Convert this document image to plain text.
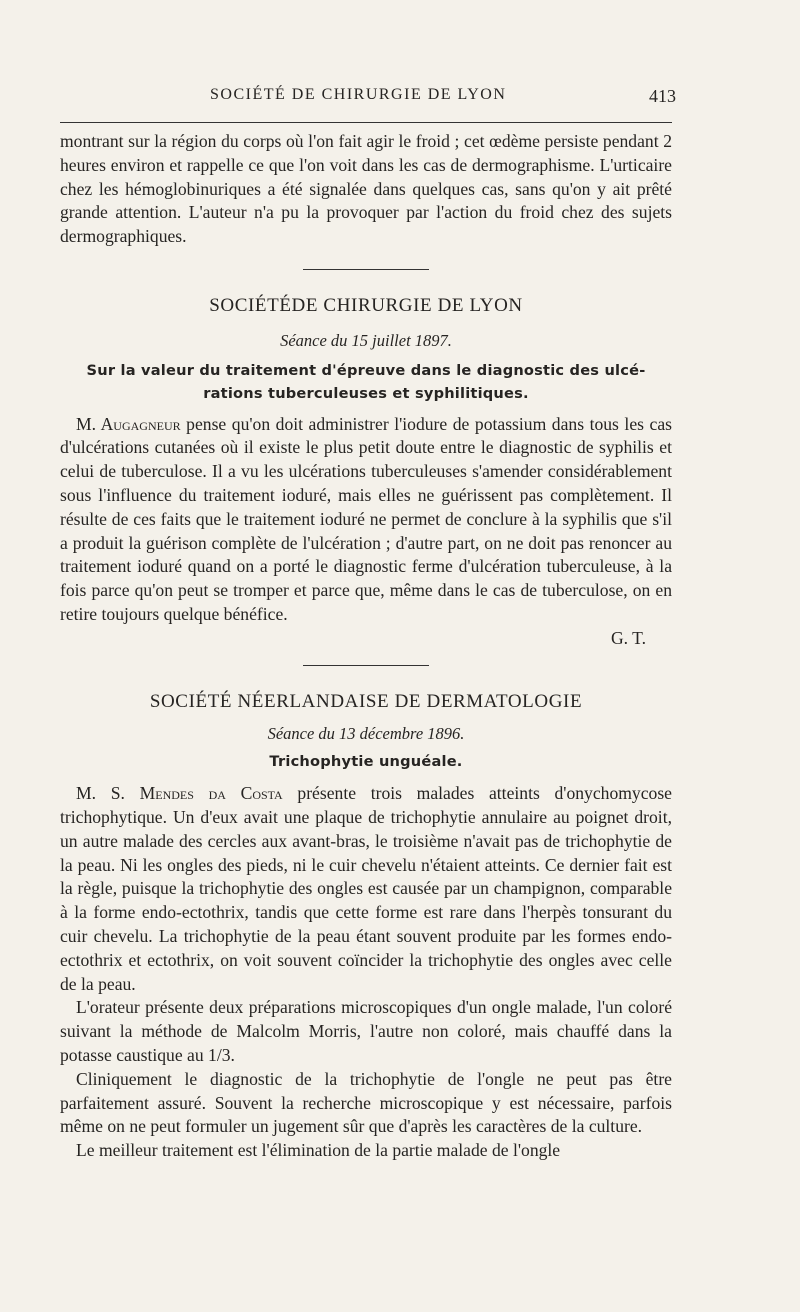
SOCIÉTÉ DE CHIRURGIE DE LYON	413

montrant sur la région du corps où l'on fait agir le froid ; cet œdème persiste pendant 2 heures environ et rappelle ce que l'on voit dans les cas de dermographisme. L'urticaire chez les hémoglobinuriques a été signalée dans quelques cas, sans qu'on y ait prêté grande attention. L'auteur n'a pu la provoquer par l'action du froid chez des sujets dermographiques.

SOCIÉTÉDE CHIRURGIE DE LYON
Séance du 15 juillet 1897.
Sur la valeur du traitement d'épreuve dans le diagnostic des ulcé-
rations tuberculeuses et syphilitiques.

M. Augagneur pense qu'on doit administrer l'iodure de potassium dans tous les cas d'ulcérations cutanées où il existe le plus petit doute entre le diagnostic de syphilis et celui de tuberculose. Il a vu les ulcérations tuberculeuses s'amender considérablement sous l'influence du traitement ioduré, mais elles ne guérissent pas complètement. Il résulte de ces faits que le traitement ioduré ne permet de conclure à la syphilis que s'il a produit la guérison complète de l'ulcération ; d'autre part, on ne doit pas renoncer au traitement ioduré quand on a porté le diagnostic ferme d'ulcération tuberculeuse, à la fois parce qu'on peut se tromper et parce que, même dans le cas de tuberculose, on en retire toujours quelque bénéfice.

G. T.
SOCIÉTÉ NÉERLANDAISE DE DERMATOLOGIE
Séance du 13 décembre 1896.
Trichophytie unguéale.

M. S. Mendes da Costa présente trois malades atteints d'onychomycose trichophytique. Un d'eux avait une plaque de trichophytie annulaire au poignet droit, un autre malade des cercles aux avant-bras, le troisième n'avait pas de trichophytie de la peau. Ni les ongles des pieds, ni le cuir chevelu n'étaient atteints. Ce dernier fait est la règle, puisque la trichophytie des ongles est causée par un champignon, comparable à la forme endo-ectothrix, tandis que cette forme est rare dans l'herpès tonsurant du cuir chevelu. La trichophytie de la peau étant souvent produite par les formes endo-ectothrix et ectothrix, on voit souvent coïncider la trichophytie des ongles avec celle de la peau.

L'orateur présente deux préparations microscopiques d'un ongle malade, l'un coloré suivant la méthode de Malcolm Morris, l'autre non coloré, mais chauffé dans la potasse caustique au 1/3.

Cliniquement le diagnostic de la trichophytie de l'ongle ne peut pas être parfaitement assuré. Souvent la recherche microscopique y est nécessaire, parfois même on ne peut formuler un jugement sûr que d'après les caractères de la culture.

Le meilleur traitement est l'élimination de la partie malade de l'ongle
